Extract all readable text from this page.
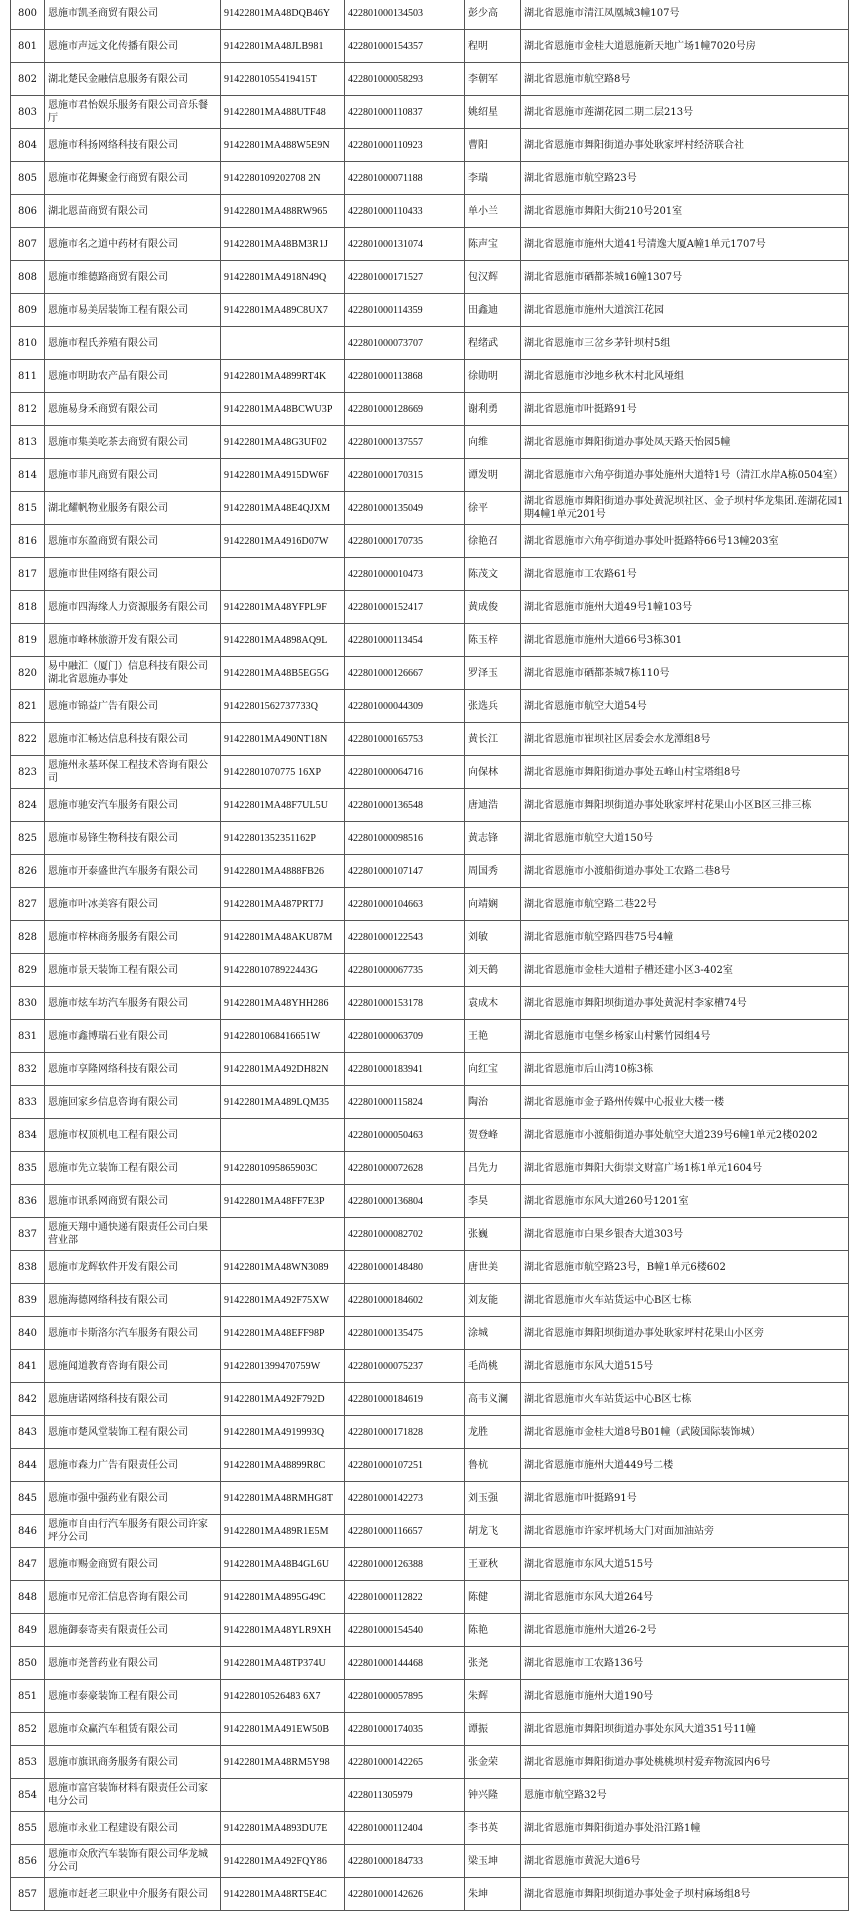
800	恩施市凯圣商贸有限公司	91422801MA48DQB46Y	422801000134503	彭少高	湖北省恩施市清江凤凰城3幢107号
801	恩施市声远文化传播有限公司	91422801MA48JLB981	422801000154357	程明	湖北省恩施市金桂大道恩施新天地广场1幢7020号房
802	湖北楚民金融信息服务有限公司	91422801055419415T	422801000058293	李朝军	湖北省恩施市航空路8号
803	恩施市君怡娱乐服务有限公司音乐餐厅	91422801MA488UTF48	422801000110837	姚绍星	湖北省恩施市莲湖花园二期二层213号
804	恩施市科扬网络科技有限公司	91422801MA488W5E9N	422801000110923	曹阳	湖北省恩施市舞阳街道办事处耿家坪村经济联合社
805	恩施市花舞聚金行商贸有限公司	9142280109202708 2N	422801000071188	李瑞	湖北省恩施市航空路23号
806	湖北恩苗商贸有限公司	91422801MA488RW965	422801000110433	单小兰	湖北省恩施市舞阳大街210号201室
807	恩施市名之道中药材有限公司	91422801MA48BM3R1J	422801000131074	陈声宝	湖北省恩施市施州大道41号清逸大厦A幢1单元1707号
808	恩施市维德路商贸有限公司	91422801MA4918N49Q	422801000171527	包汉辉	湖北省恩施市硒都茶城16幢1307号
809	恩施市易美居装饰工程有限公司	91422801MA489C8UX7	422801000114359	田鑫迪	湖北省恩施市施州大道滨江花园
810	恩施市程氏养殖有限公司		422801000073707	程绪武	湖北省恩施市三岔乡茅针坝村5组
811	恩施市明助农产品有限公司	91422801MA4899RT4K	422801000113868	徐勋明	湖北省恩施市沙地乡秋木村北风垭组
812	恩施易身禾商贸有限公司	91422801MA48BCWU3P	422801000128669	谢利勇	湖北省恩施市叶挺路91号
813	恩施市集美吃茶去商贸有限公司	91422801MA48G3UF02	422801000137557	向维	湖北省恩施市舞阳街道办事处凤天路天怡园5幢
814	恩施市菲凡商贸有限公司	91422801MA4915DW6F	422801000170315	谭发明	湖北省恩施市六角亭街道办事处施州大道特1号（清江水岸A栋0504室）
815	湖北耀帆物业服务有限公司	91422801MA48E4QJXM	422801000135049	徐平	湖北省恩施市舞阳街道办事处黄泥坝社区、金子坝村华龙集团.莲湖花园1期4幢1单元201号
816	恩施市东盈商贸有限公司	91422801MA4916D07W	422801000170735	徐艳召	湖北省恩施市六角亭街道办事处叶挺路特66号13幢203室
817	恩施市世佳网络有限公司		422801000010473	陈茂文	湖北省恩施市工农路61号
818	恩施市四海缘人力资源服务有限公司	91422801MA48YFPL9F	422801000152417	黄成俊	湖北省恩施市施州大道49号1幢103号
819	恩施市峰林旅游开发有限公司	91422801MA4898AQ9L	422801000113454	陈玉梓	湖北省恩施市施州大道66号3栋301
820	易中融汇（厦门）信息科技有限公司湖北省恩施办事处	91422801MA48B5EG5G	422801000126667	罗泽玉	湖北省恩施市硒都茶城7栋110号
821	恩施市锦益广告有限公司	91422801562737733Q	422801000044309	张选兵	湖北省恩施市航空大道54号
822	恩施市汇畅达信息科技有限公司	91422801MA490NT18N	422801000165753	黄长江	湖北省恩施市崔坝社区居委会水龙潭组8号
823	恩施州永基环保工程技术咨询有限公司	91422801070775 16XP	422801000064716	向保林	湖北省恩施市舞阳街道办事处五峰山村宝塔组8号
824	恩施市驰安汽车服务有限公司	91422801MA48F7UL5U	422801000136548	唐迪浩	湖北省恩施市舞阳坝街道办事处耿家坪村花果山小区B区三排三栋
825	恩施市易锋生物科技有限公司	91422801352351162P	422801000098516	黄志锋	湖北省恩施市航空大道150号
826	恩施市开泰盛世汽车服务有限公司	91422801MA4888FB26	422801000107147	周国秀	湖北省恩施市小渡船街道办事处工农路二巷8号
827	恩施市叶冰美容有限公司	91422801MA487PRT7J	422801000104663	向靖娴	湖北省恩施市航空路二巷22号
828	恩施市梓林商务服务有限公司	91422801MA48AKU87M	422801000122543	刘敏	湖北省恩施市航空路四巷75号4幢
829	恩施市景天装饰工程有限公司	91422801078922443G	422801000067735	刘天鹤	湖北省恩施市金桂大道柑子槽还建小区3-402室
830	恩施市炫车坊汽车服务有限公司	91422801MA48YHH286	422801000153178	袁成木	湖北省恩施市舞阳坝街道办事处黄泥村李家槽74号
831	恩施市鑫博瑞石业有限公司	91422801068416651W	422801000063709	王艳	湖北省恩施市屯堡乡杨家山村紫竹园组4号
832	恩施市享隆网络科技有限公司	91422801MA492DH82N	422801000183941	向红宝	湖北省恩施市后山湾10栋3栋
833	恩施回家乡信息咨询有限公司	91422801MA489LQM35	422801000115824	陶治	湖北省恩施市金子路州传媒中心报业大楼一楼
834	恩施市权顶机电工程有限公司		422801000050463	贺登峰	湖北省恩施市小渡船街道办事处航空大道239号6幢1单元2楼0202
835	恩施市先立装饰工程有限公司	91422801095865903C	422801000072628	吕先力	湖北省恩施市舞阳大街崇文财富广场1栋1单元1604号
836	恩施市讯系网商贸有限公司	91422801MA48FF7E3P	422801000136804	李昊	湖北省恩施市东风大道260号1201室
837	恩施天翔中通快递有限责任公司白果营业部		422801000082702	张巍	湖北省恩施市白果乡银杏大道303号
838	恩施市龙辉软件开发有限公司	91422801MA48WN3089	422801000148480	唐世美	湖北省恩施市航空路23号，B幢1单元6楼602
839	恩施海德网络科技有限公司	91422801MA492F75XW	422801000184602	刘友能	湖北省恩施市火车站货运中心B区七栋
840	恩施市卡斯洛尔汽车服务有限公司	91422801MA48EFF98P	422801000135475	涂城	湖北省恩施市舞阳坝街道办事处耿家坪村花果山小区旁
841	恩施闻道教育咨询有限公司	91422801399470759W	422801000075237	毛尚桃	湖北省恩施市东风大道515号
842	恩施唐诺网络科技有限公司	91422801MA492F792D	422801000184619	高韦义澜	湖北省恩施市火车站货运中心B区七栋
843	恩施市楚风堂装饰工程有限公司	91422801MA4919993Q	422801000171828	龙胜	湖北省恩施市金桂大道8号B01幢（武陵国际装饰城）
844	恩施市森力广告有限责任公司	91422801MA48899R8C	422801000107251	鲁杭	湖北省恩施市施州大道449号二楼
845	恩施市强中强药业有限公司	91422801MA48RMHG8T	422801000142273	刘玉强	湖北省恩施市叶挺路91号
846	恩施市自由行汽车服务有限公司许家坪分公司	91422801MA489R1E5M	422801000116657	胡龙飞	湖北省恩施市许家坪机场大门对面加油站旁
847	恩施市赐金商贸有限公司	91422801MA48B4GL6U	422801000126388	王亚秋	湖北省恩施市东风大道515号
848	恩施市兄帝汇信息咨询有限公司	91422801MA4895G49C	422801000112822	陈健	湖北省恩施市东风大道264号
849	恩施御泰寄卖有限责任公司	91422801MA48YLR9XH	422801000154540	陈艳	湖北省恩施市施州大道26-2号
850	恩施市尧普药业有限公司	91422801MA48TP374U	422801000144468	张尧	湖北省恩施市工农路136号
851	恩施市泰豪装饰工程有限公司	914228010526483 6X7	422801000057895	朱辉	湖北省恩施市施州大道190号
852	恩施市众赢汽车租赁有限公司	91422801MA491EW50B	422801000174035	谭振	湖北省恩施市舞阳坝街道办事处东风大道351号11幢
853	恩施市旗讯商务服务有限公司	91422801MA48RM5Y98	422801000142265	张金荣	湖北省恩施市舞阳街道办事处桃桃坝村爱弃物流园内6号
854	恩施市富宫装饰材料有限责任公司家电分公司		4228011305979	钟兴隆	恩施市航空路32号
855	恩施市永业工程建设有限公司	91422801MA4893DU7E	422801000112404	李书英	湖北省恩施市舞阳街道办事处沿江路1幢
856	恩施市众欣汽车装饰有限公司华龙城分公司	91422801MA492FQY86	422801000184733	梁玉坤	湖北省恩施市黄泥大道6号
857	恩施市赶老三职业中介服务有限公司	91422801MA48RT5E4C	422801000142626	朱坤	湖北省恩施市舞阳坝街道办事处金子坝村麻场组8号
